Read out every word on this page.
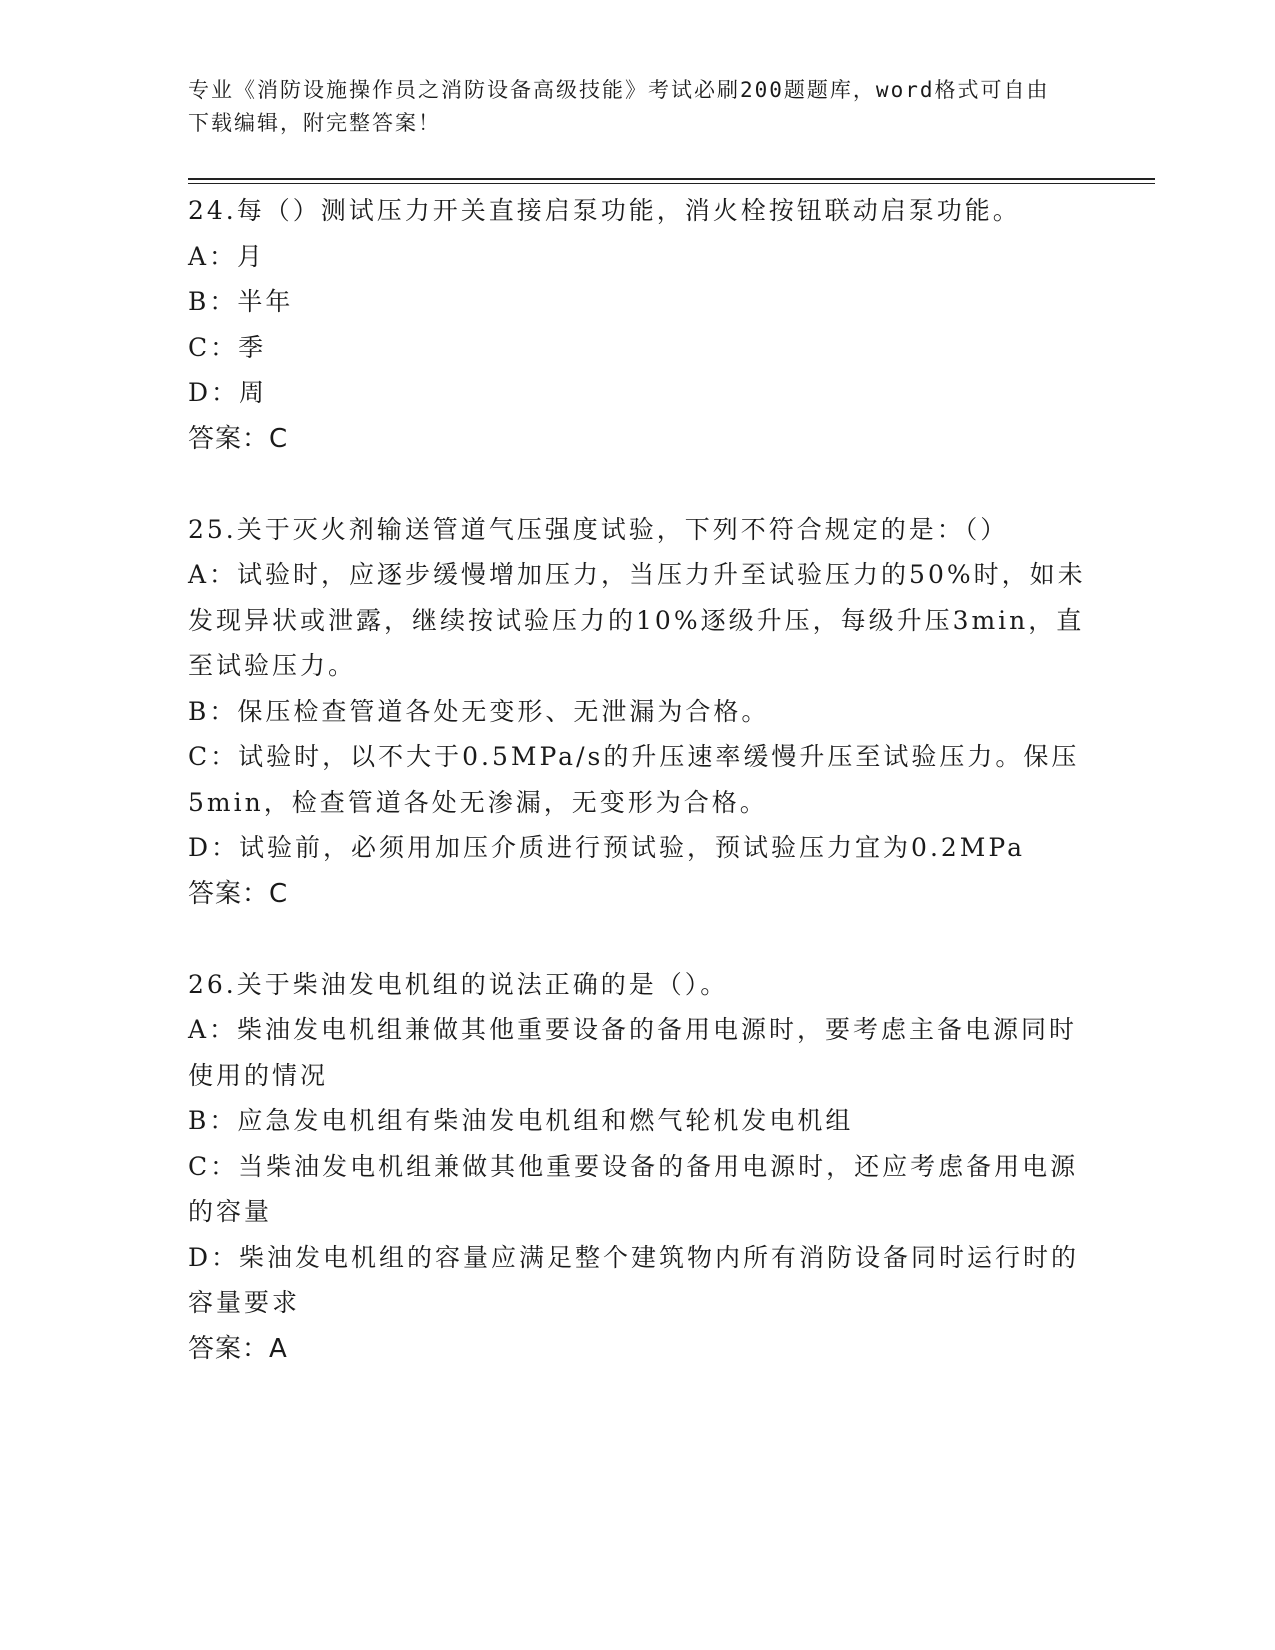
专业《消防设施操作员之消防设备高级技能》考试必刷200题题库，word格式可自由下载编辑，附完整答案！
24.每（）测试压力开关直接启泵功能，消火栓按钮联动启泵功能。
A：月
B：半年
C：季
D：周
答案：C
25.关于灭火剂输送管道气压强度试验，下列不符合规定的是：（）
A：试验时，应逐步缓慢增加压力，当压力升至试验压力的50%时，如未发现异状或泄露，继续按试验压力的10%逐级升压，每级升压3min，直至试验压力。
B：保压检查管道各处无变形、无泄漏为合格。
C：试验时，以不大于0.5MPa/s的升压速率缓慢升压至试验压力。保压5min，检查管道各处无渗漏，无变形为合格。
D：试验前，必须用加压介质进行预试验，预试验压力宜为0.2MPa
答案：C
26.关于柴油发电机组的说法正确的是（）。
A：柴油发电机组兼做其他重要设备的备用电源时，要考虑主备电源同时使用的情况
B：应急发电机组有柴油发电机组和燃气轮机发电机组
C：当柴油发电机组兼做其他重要设备的备用电源时，还应考虑备用电源的容量
D：柴油发电机组的容量应满足整个建筑物内所有消防设备同时运行时的容量要求
答案：A
